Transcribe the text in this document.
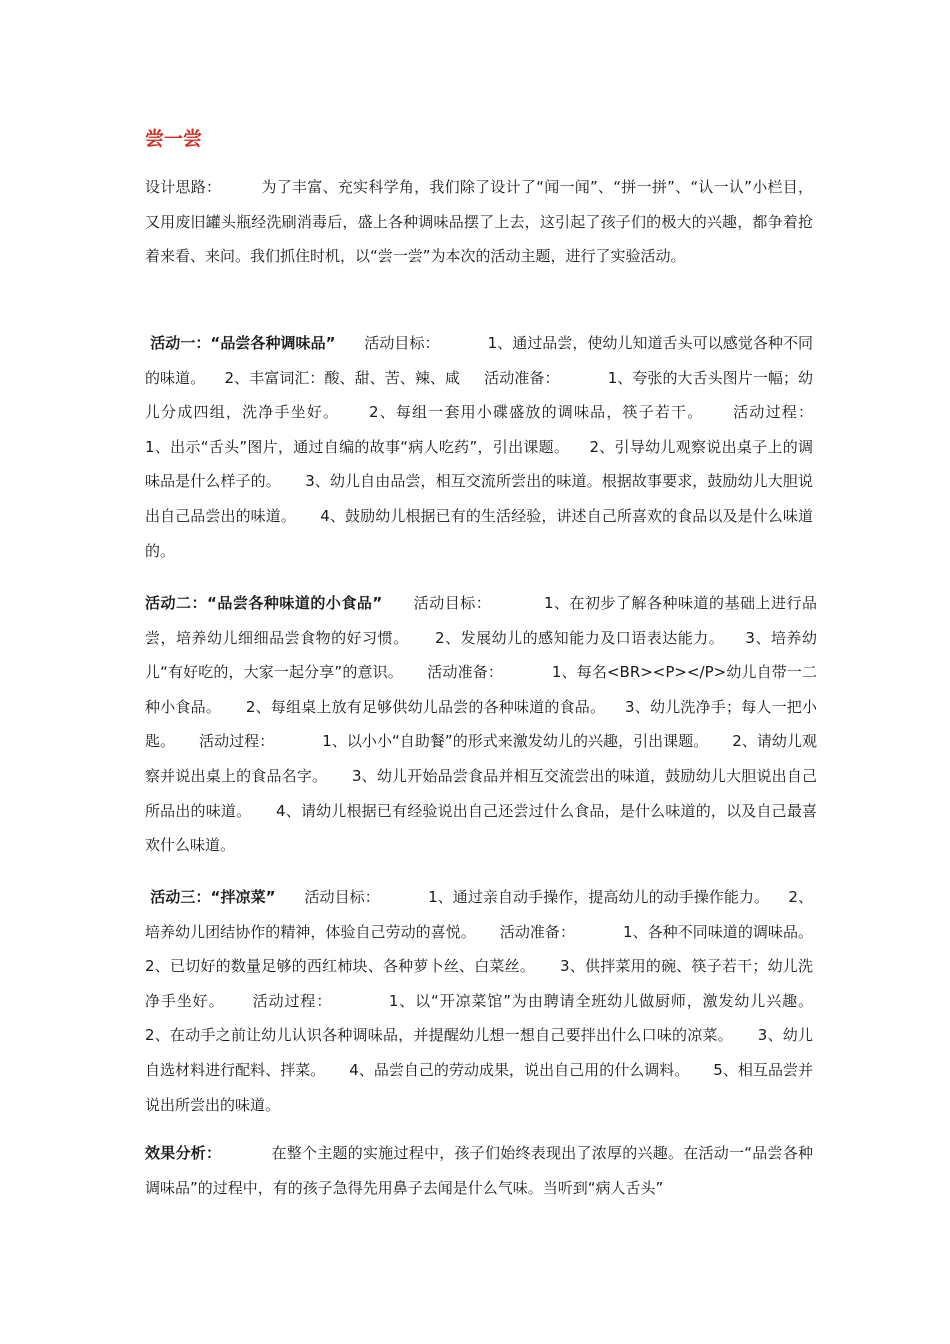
尝一尝
设计思路：        为了丰富、充实科学角，我们除了设计了“闻一闻”、“拼一拼”、“认一认”小栏目，又用废旧罐头瓶经洗刷消毒后，盛上各种调味品摆了上去，这引起了孩子们的极大的兴趣，都争着抢着来看、来问。我们抓住时机，以“尝一尝”为本次的活动主题，进行了实验活动。
活动一：“品尝各种调味品”      活动目标：          1、通过品尝，使幼儿知道舌头可以感觉各种不同的味道。    2、丰富词汇：酸、甜、苦、辣、咸     活动准备：          1、夸张的大舌头图片一幅；幼儿分成四组，洗净手坐好。     2、每组一套用小碟盛放的调味品，筷子若干。     活动过程：          1、出示“舌头”图片，通过自编的故事“病人吃药”，引出课题。    2、引导幼儿观察说出桌子上的调味品是什么样子的。     3、幼儿自由品尝，相互交流所尝出的味道。根据故事要求，鼓励幼儿大胆说出自己品尝出的味道。     4、鼓励幼儿根据已有的生活经验，讲述自己所喜欢的食品以及是什么味道的。
活动二：“品尝各种味道的小食品”      活动目标：          1、在初步了解各种味道的基础上进行品尝，培养幼儿细细品尝食物的好习惯。     2、发展幼儿的感知能力及口语表达能力。    3、培养幼儿“有好吃的，大家一起分享”的意识。     活动准备：          1、每名<BR><P></P>幼儿自带一二种小食品。     2、每组桌上放有足够供幼儿品尝的各种味道的食品。    3、幼儿洗净手；每人一把小匙。     活动过程：          1、以小小“自助餐”的形式来激发幼儿的兴趣，引出课题。     2、请幼儿观察并说出桌上的食品名字。     3、幼儿开始品尝食品并相互交流尝出的味道，鼓励幼儿大胆说出自己所品出的味道。     4、请幼儿根据已有经验说出自己还尝过什么食品，是什么味道的，以及自己最喜欢什么味道。
活动三：“拌凉菜”      活动目标：          1、通过亲自动手操作，提高幼儿的动手操作能力。    2、培养幼儿团结协作的精神，体验自己劳动的喜悦。     活动准备：          1、各种不同味道的调味品。     2、已切好的数量足够的西红柿块、各种萝卜丝、白菜丝。     3、供拌菜用的碗、筷子若干；幼儿洗净手坐好。     活动过程：          1、以“开凉菜馆”为由聘请全班幼儿做厨师，激发幼儿兴趣。     2、在动手之前让幼儿认识各种调味品，并提醒幼儿想一想自己要拌出什么口味的凉菜。     3、幼儿自选材料进行配料、拌菜。     4、品尝自己的劳动成果，说出自己用的什么调料。     5、相互品尝并说出所尝出的味道。
效果分析：          在整个主题的实施过程中，孩子们始终表现出了浓厚的兴趣。在活动一“品尝各种调味品”的过程中，有的孩子急得先用鼻子去闻是什么气味。当听到“病人舌头”
